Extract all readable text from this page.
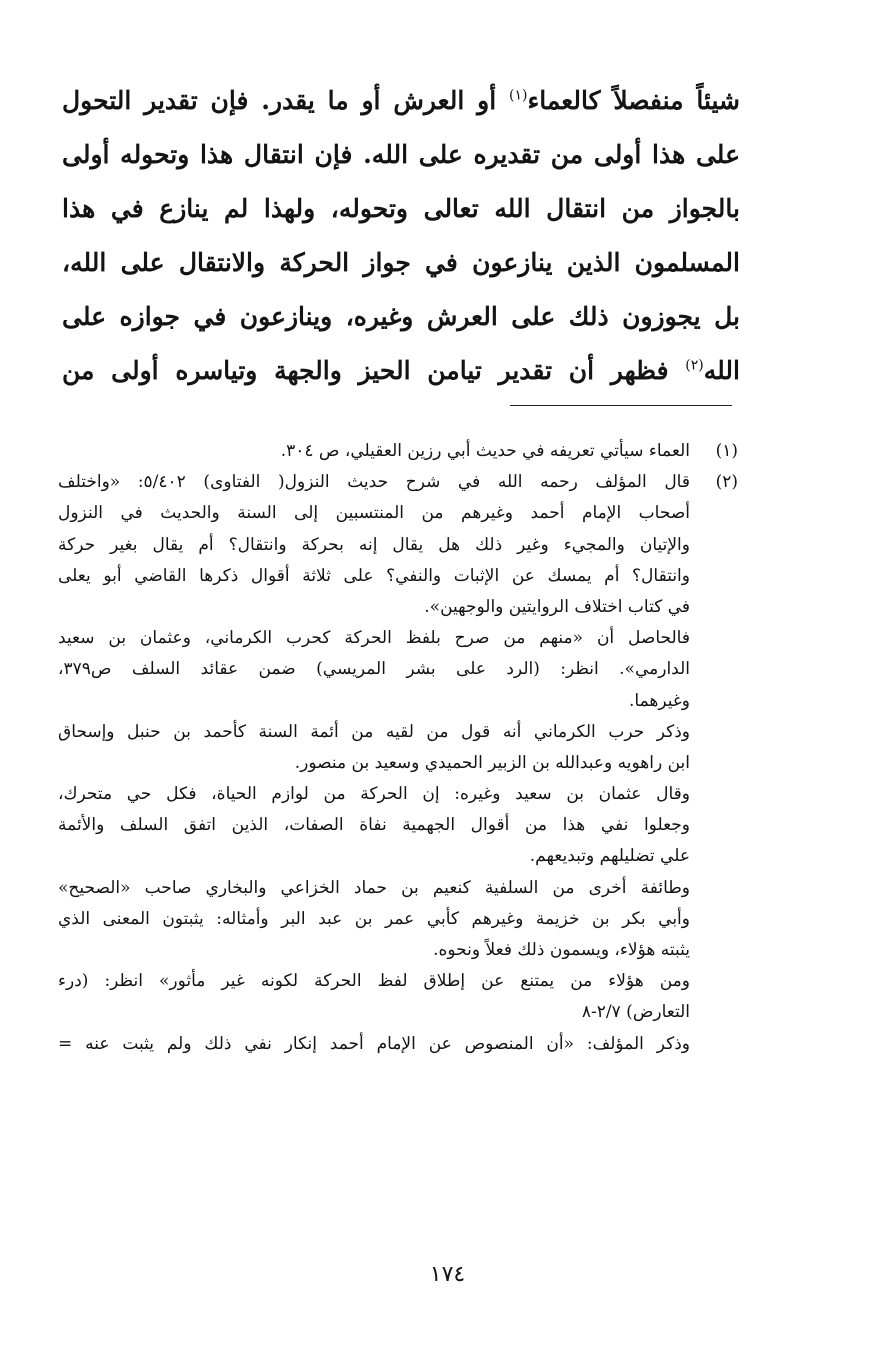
شيئاً منفصلاً كالعماء$^{(١)}$ أو العرش أو ما يقدر. فإن تقدير التحول
على هذا أولى من تقديره على الله. فإن انتقال هذا وتحوله أولى
بالجواز من انتقال الله تعالى وتحوله، ولهذا لم ينازع في هذا
المسلمون الذين ينازعون في جواز الحركة والانتقال على الله،
بل يجوزون ذلك على العرش وغيره، وينازعون في جوازه على
الله$^{(٢)}$ فظهر أن تقدير تيامن الحيز والجهة وتياسره أولى من
(١)العماء سيأتي تعريفه في حديث أبي رزين العقيلي، ص ٣٠٤.
(٢)قال المؤلف رحمه الله في شرح حديث النزول( الفتاوى) ٥/٤٠٢: «واختلف
أصحاب الإمام أحمد وغيرهم من المنتسبين إلى السنة والحديث في النزول
والإتيان والمجيء وغير ذلك هل يقال إنه بحركة وانتقال؟ أم يقال بغير حركة
وانتقال؟ أم يمسك عن الإثبات والنفي؟ على ثلاثة أقوال ذكرها القاضي أبو يعلى
في كتاب اختلاف الروايتين والوجهين».
فالحاصل أن «منهم من صرح بلفظ الحركة كحرب الكرماني، وعثمان بن سعيد
الدارمي». انظر: (الرد على بشر المريسي) ضمن عقائد السلف ص٣٧٩،
وغيرهما.
وذكر حرب الكرماني أنه قول من لقيه من أئمة السنة كأحمد بن حنبل وإسحاق
ابن راهويه وعبدالله بن الزبير الحميدي وسعيد بن منصور.
وقال عثمان بن سعيد وغيره: إن الحركة من لوازم الحياة، فكل حي متحرك،
وجعلوا نفي هذا من أقوال الجهمية نفاة الصفات، الذين اتفق السلف والأئمة
علي تضليلهم وتبديعهم.
وطائفة أخرى من السلفية كنعيم بن حماد الخزاعي والبخاري صاحب «الصحيح»
وأبي بكر بن خزيمة وغيرهم كأبي عمر بن عبد البر وأمثاله: يثبتون المعنى الذي
يثبته هؤلاء، ويسمون ذلك فعلاً ونحوه.
ومن هؤلاء من يمتنع عن إطلاق لفظ الحركة لكونه غير مأثور» انظر: (درء
التعارض) ٢/٧-٨
وذكر المؤلف: «أن المنصوص عن الإمام أحمد إنكار نفي ذلك ولم يثبت عنه =
١٧٤
